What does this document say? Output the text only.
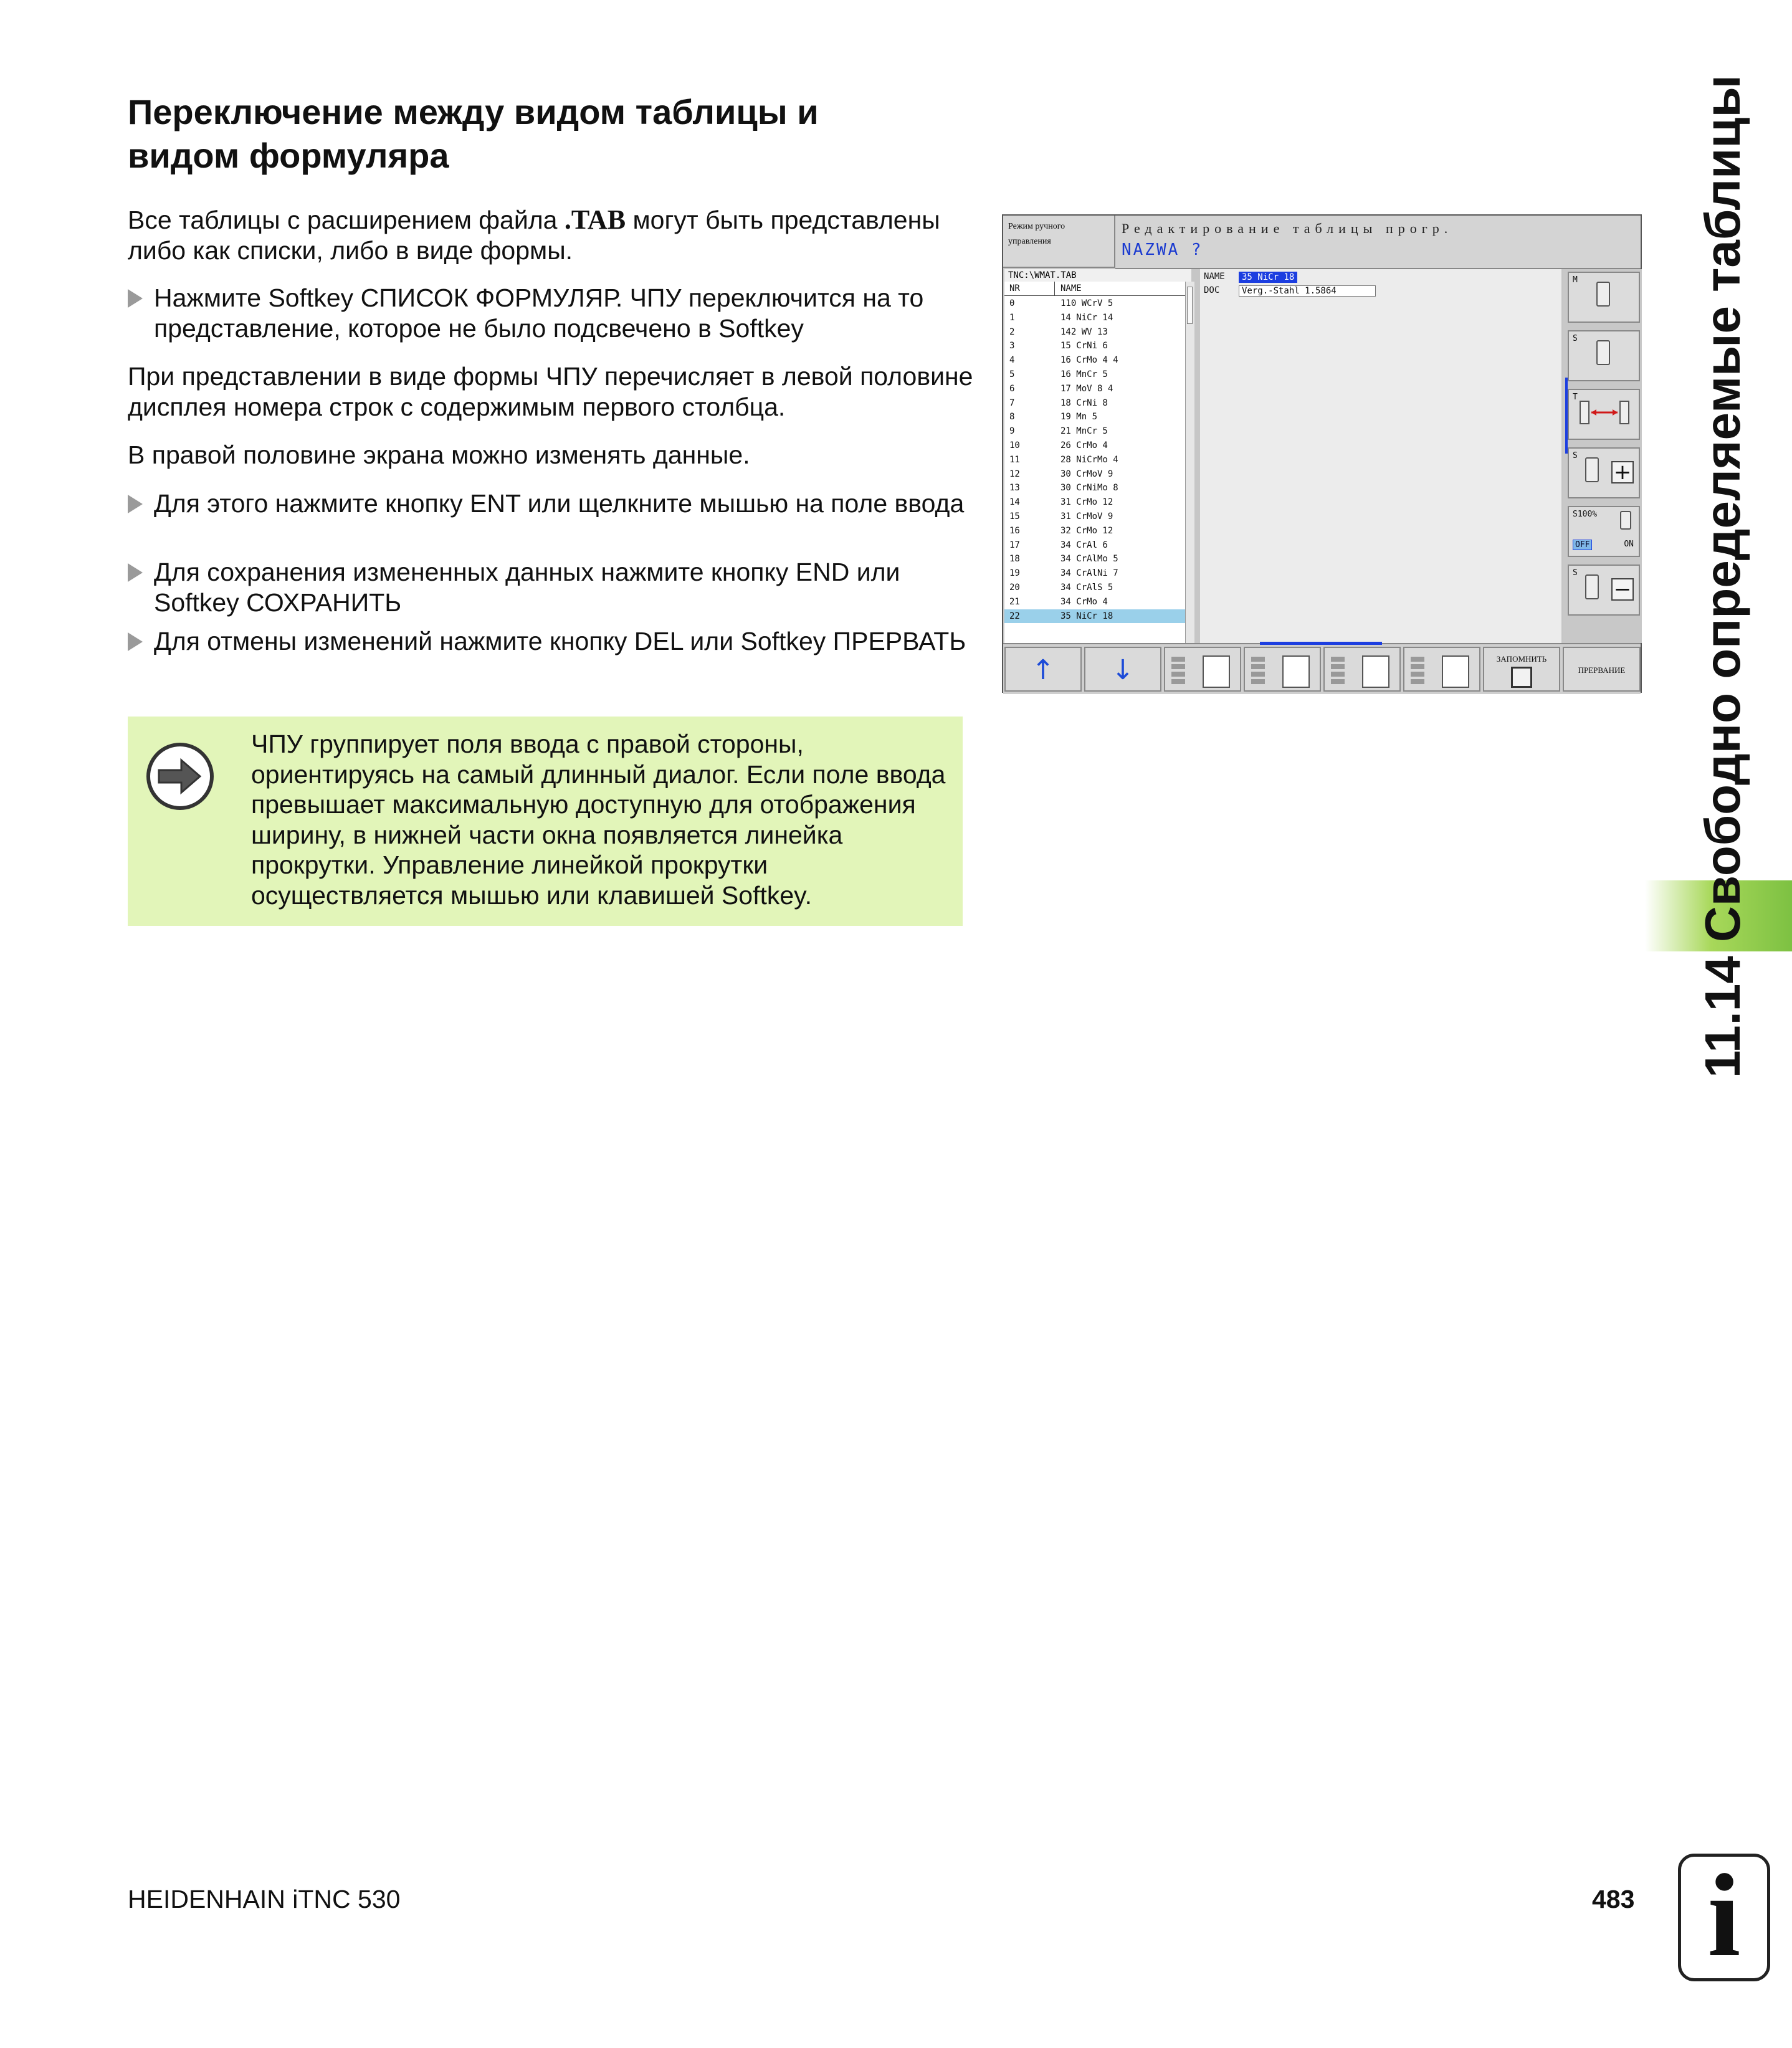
Переключение между видом таблицы и
видом формуляра
Все таблицы с расширением файла .TAB могут быть представлены либо как списки, либо в виде формы.
Нажмите Softkey СПИСОК ФОРМУЛЯР. ЧПУ переключится на то представление, которое не было подсвечено в Softkey
При представлении в виде формы ЧПУ перечисляет в левой половине дисплея номера строк с содержимым первого столбца.
В правой половине экрана можно изменять данные.
Для этого нажмите кнопку ENT или щелкните мышью на поле ввода
Для сохранения измененных данных нажмите кнопку END или Softkey СОХРАНИТЬ
Для отмены изменений нажмите кнопку DEL или Softkey ПРЕРВАТЬ
ЧПУ группирует поля ввода с правой стороны, ориентируясь на самый длинный диалог. Если поле ввода превышает максимальную доступную для отображения ширину, в нижней части окна появляется линейка прокрутки. Управление линейкой прокрутки осуществляется мышью или клавишей Softkey.
Режим ручного
управления
Редактирование таблицы прогр.
NAZWA ?
TNC:\WMAT.TAB
NR	NAME
0	110 WCrV 5
1	14 NiCr 14
2	142 WV 13
3	15 CrNi 6
4	16 CrMo 4 4
5	16 MnCr 5
6	17 MoV 8 4
7	18 CrNi 8
8	19 Mn 5
9	21 MnCr 5
10	26 CrMo 4
11	28 NiCrMo 4
12	30 CrMoV 9
13	30 CrNiMo 8
14	31 CrMo 12
15	31 CrMoV 9
16	32 CrMo 12
17	34 CrAl 6
18	34 CrAlMo 5
19	34 CrAlNi 7
20	34 CrAlS 5
21	34 CrMo 4
22	35 NiCr 18
NAME	35 NiCr 18
DOC	Verg.-Stahl 1.5864
M
S
T
S
+
S100%
OFF	ON
S
−
↑ ↓	ЗАПОМНИТЬ
ПРЕРВАНИЕ 11.14 Свободно определяемые таблицы
HEIDENHAIN iTNC 530	483 i
